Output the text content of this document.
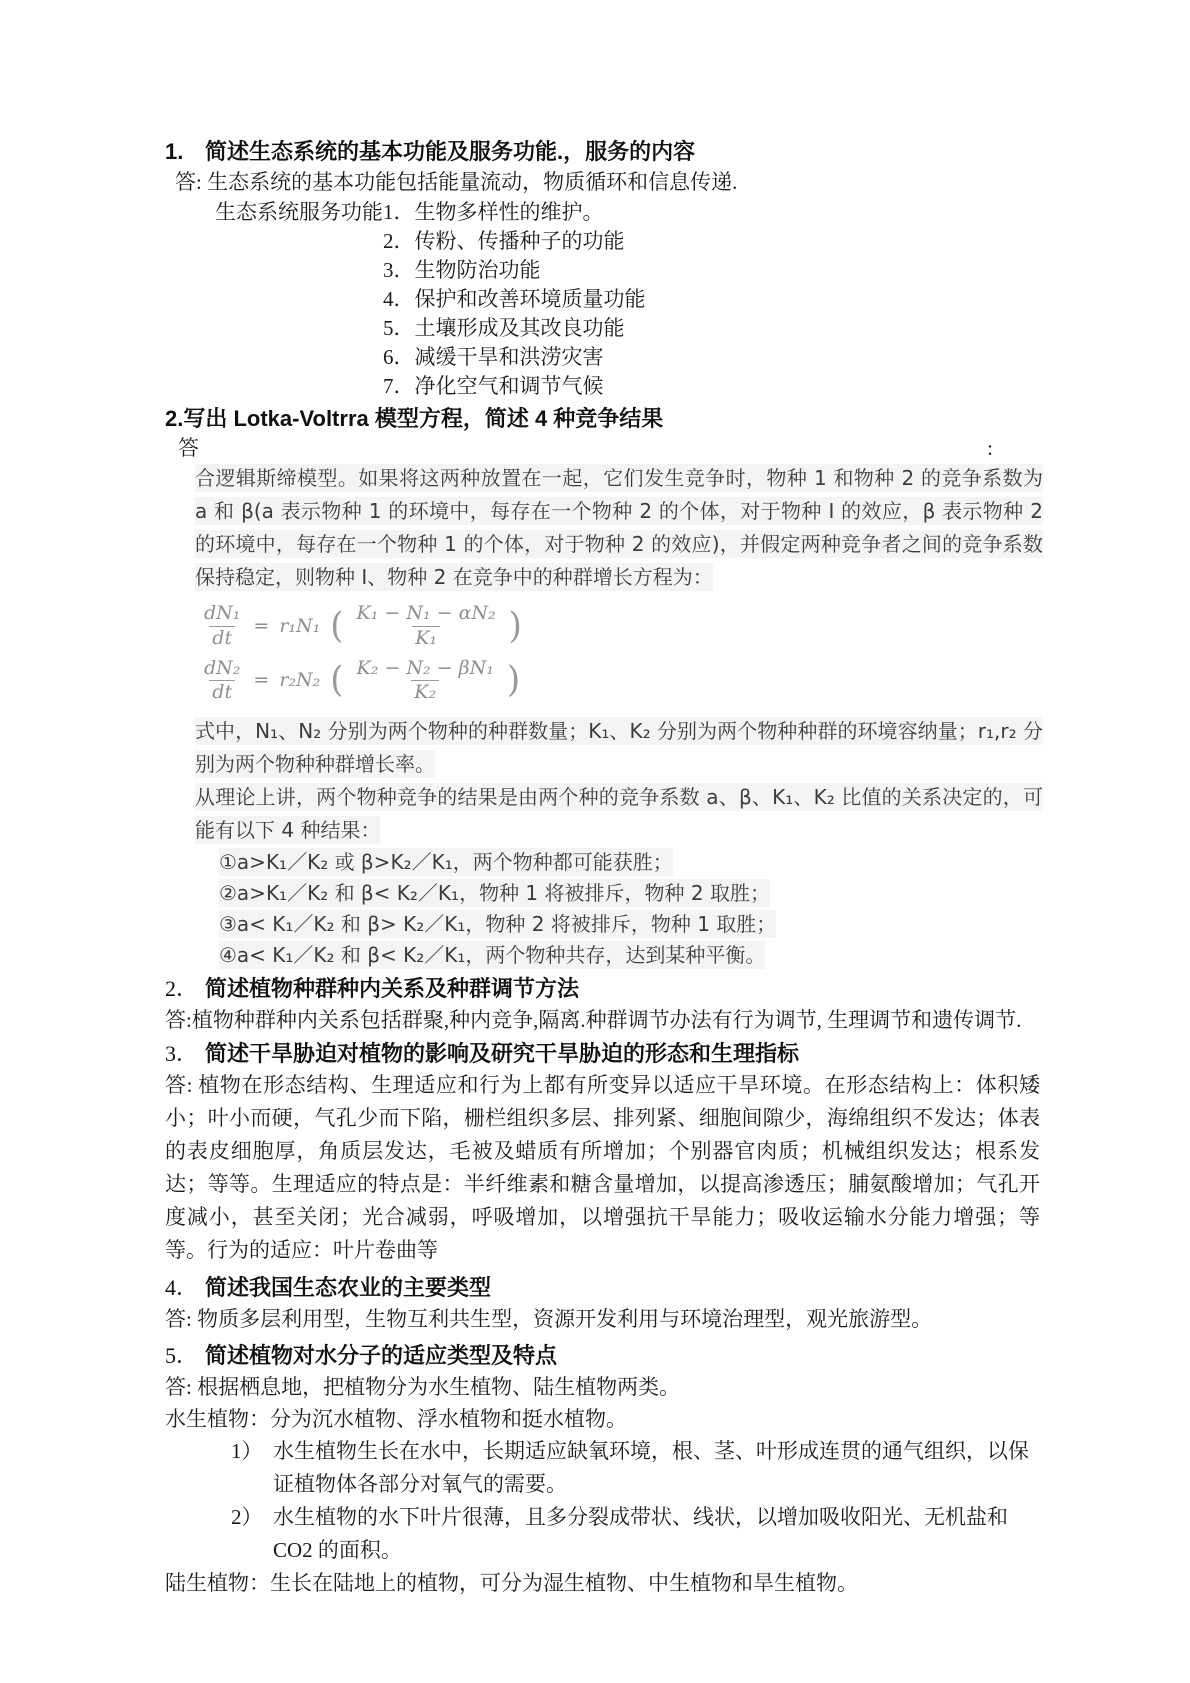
1. 简述生态系统的基本功能及服务功能.，服务的内容
答: 生态系统的基本功能包括能量流动，物质循环和信息传递.
生态系统服务功能 1．生物多样性的维护。
2．传粉、传播种子的功能
3．生物防治功能
4．保护和改善环境质量功能
5．土壤形成及其改良功能
6．减缓干旱和洪涝灾害
7．净化空气和调节气候
2.写出 Lotka-Voltrra 模型方程，简述 4 种竞争结果
答	:
合逻辑斯缔模型。如果将这两种放置在一起，它们发生竞争时，物种 1 和物种 2 的竞争系数为 a 和 β(a 表示物种 1 的环境中，每存在一个物种 2 的个体，对于物种 I 的效应，β 表示物种 2 的环境中，每存在一个物种 1 的个体，对于物种 2 的效应)，并假定两种竞争者之间的竞争系数保持稳定，则物种 I、物种 2 在竞争中的种群增长方程为：
$\frac{\text{dN₁}}{dt} = r_1N_1$ ( $\frac{\text{K₁ − N₁ − αN₂}}{\text{K₁}}$ )
$\frac{\text{dN₂}}{dt} = r_2N_2$ ( $\frac{\text{K₂ − N₂ − βN₁}}{\text{K₂}}$ )
式中，N₁、N₂ 分别为两个物种的种群数量；K₁、K₂ 分别为两个物种种群的环境容纳量；r₁,r₂ 分别为两个物种种群增长率。
从理论上讲，两个物种竞争的结果是由两个种的竞争系数 a、β、K₁、K₂ 比值的关系决定的，可能有以下 4 种结果：
①a>K₁／K₂ 或 β>K₂／K₁，两个物种都可能获胜；
②a>K₁／K₂ 和 β< K₂／K₁，物种 1 将被排斥，物种 2 取胜；
③a< K₁／K₂ 和 β> K₂／K₁，物种 2 将被排斥，物种 1 取胜；
④a< K₁／K₂ 和 β< K₂／K₁，两个物种共存，达到某种平衡。
2． 简述植物种群种内关系及种群调节方法
答:植物种群种内关系包括群聚,种内竞争,隔离.种群调节办法有行为调节, 生理调节和遗传调节.
3． 简述干旱胁迫对植物的影响及研究干旱胁迫的形态和生理指标
答: 植物在形态结构、生理适应和行为上都有所变异以适应干旱环境。在形态结构上：体积矮小；叶小而硬，气孔少而下陷，栅栏组织多层、排列紧、细胞间隙少，海绵组织不发达；体表的表皮细胞厚，角质层发达，毛被及蜡质有所增加；个别器官肉质；机械组织发达；根系发达；等等。生理适应的特点是：半纤维素和糖含量增加，以提高渗透压；脯氨酸增加；气孔开度减小，甚至关闭；光合减弱，呼吸增加，以增强抗干旱能力；吸收运输水分能力增强；等等。行为的适应：叶片卷曲等
4． 简述我国生态农业的主要类型
答: 物质多层利用型，生物互利共生型，资源开发利用与环境治理型，观光旅游型。
5． 简述植物对水分子的适应类型及特点
答: 根据栖息地，把植物分为水生植物、陆生植物两类。
水生植物：分为沉水植物、浮水植物和挺水植物。
1） 水生植物生长在水中，长期适应缺氧环境，根、茎、叶形成连贯的通气组织，以保证植物体各部分对氧气的需要。
2） 水生植物的水下叶片很薄，且多分裂成带状、线状，以增加吸收阳光、无机盐和 CO2 的面积。
陆生植物：生长在陆地上的植物，可分为湿生植物、中生植物和旱生植物。
